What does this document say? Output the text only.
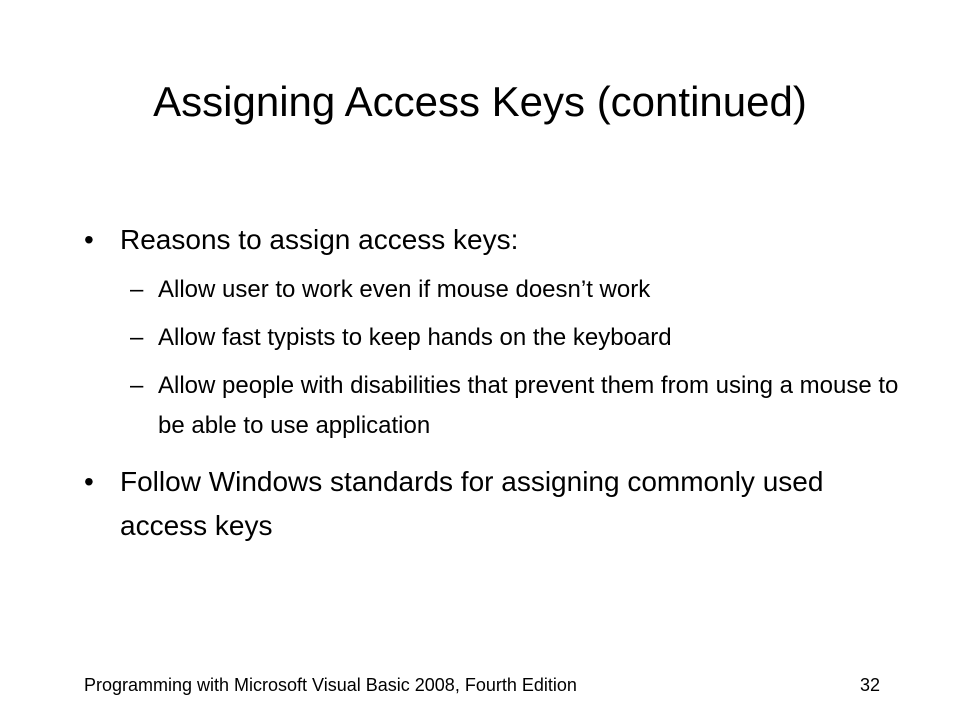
Assigning Access Keys (continued)
• Reasons to assign access keys:
– Allow user to work even if mouse doesn’t work
– Allow fast typists to keep hands on the keyboard
– Allow people with disabilities that prevent them from using a mouse to be able to use application
• Follow Windows standards for assigning commonly used access keys
Programming with Microsoft Visual Basic 2008, Fourth Edition	32
